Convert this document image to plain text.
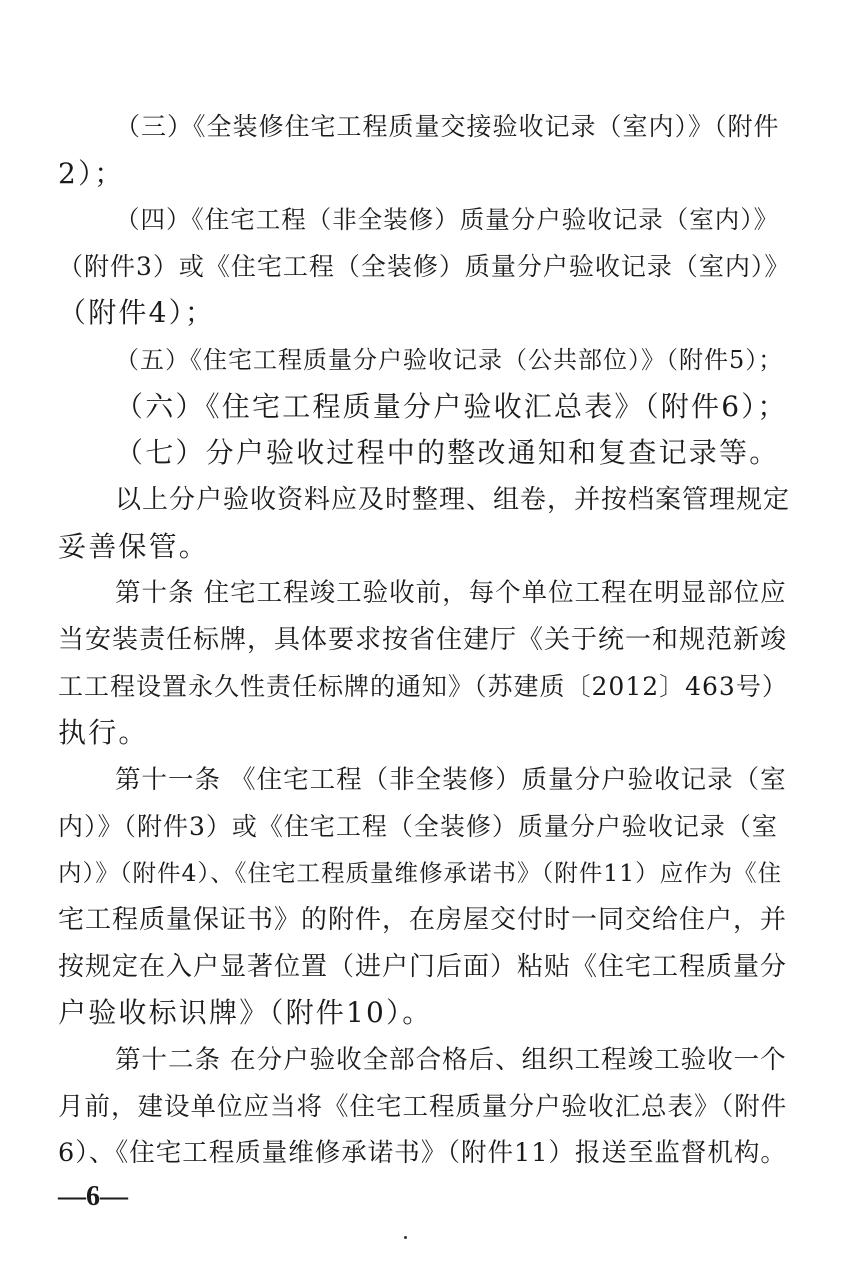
（三）《全装修住宅工程质量交接验收记录（室内）》（附件
2）；
（四）《住宅工程（非全装修）质量分户验收记录（室内）》
（附件3）或《住宅工程（全装修）质量分户验收记录（室内）》
（附件4）；
（五）《住宅工程质量分户验收记录（公共部位）》（附件5）；
（六）《住宅工程质量分户验收汇总表》（附件6）；
（七）分户验收过程中的整改通知和复查记录等。
以上分户验收资料应及时整理、组卷，并按档案管理规定
妥善保管。
第十条 住宅工程竣工验收前，每个单位工程在明显部位应
当安装责任标牌，具体要求按省住建厅《关于统一和规范新竣
工工程设置永久性责任标牌的通知》（苏建质〔2012〕463号）
执行。
第十一条 《住宅工程（非全装修）质量分户验收记录（室
内）》（附件3）或《住宅工程（全装修）质量分户验收记录（室
内）》（附件4）、《住宅工程质量维修承诺书》（附件11）应作为《住
宅工程质量保证书》的附件，在房屋交付时一同交给住户，并
按规定在入户显著位置（进户门后面）粘贴《住宅工程质量分
户验收标识牌》（附件10）。
第十二条 在分户验收全部合格后、组织工程竣工验收一个
月前，建设单位应当将《住宅工程质量分户验收汇总表》（附件
6）、《住宅工程质量维修承诺书》（附件11）报送至监督机构。
—6—
